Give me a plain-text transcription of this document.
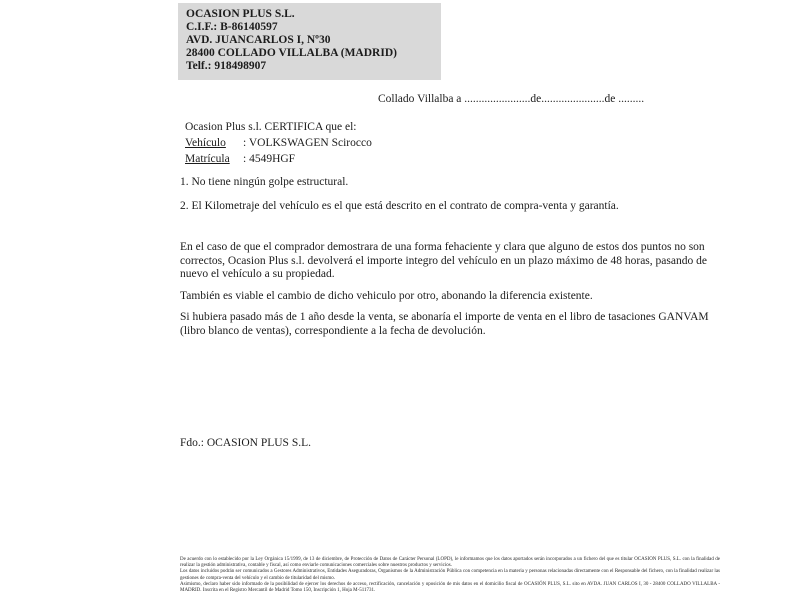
OCASION PLUS S.L.
C.I.F.: B-86140597
AVD. JUANCARLOS I, Nº30
28400 COLLADO VILLALBA (MADRID)
Telf.: 918498907
Collado Villalba a .......................de......................de .........
Ocasion Plus s.l. CERTIFICA que el:
Vehículo : VOLKSWAGEN Scirocco
Matrícula : 4549HGF
1. No tiene ningún golpe estructural.
2. El Kilometraje del vehículo es el que está descrito en el contrato de compra-venta y garantía.

En el caso de que el comprador demostrara de una forma fehaciente y clara que alguno de estos dos puntos no son correctos, Ocasion Plus s.l. devolverá el importe integro del vehículo en un plazo máximo de 48 horas, pasando de nuevo el vehículo a su propiedad.

También es viable el cambio de dicho vehiculo por otro, abonando la diferencia existente.

Si hubiera pasado más de 1 año desde la venta, se abonaría el importe de venta en el libro de tasaciones GANVAM (libro blanco de ventas), correspondiente a la fecha de devolución.

Fdo.: OCASION PLUS S.L.

De acuerdo con lo establecido por la Ley Orgánica 15/1999, de 13 de diciembre, de Protección de Datos de Carácter Personal (LOPD), le informamos que los datos aportados serán incorporados a un fichero del que es titular OCASION PLUS, S.L. con la finalidad de realizar la gestión administrativa, contable y fiscal, así como enviarle comunicaciones comerciales sobre nuestros productos y servicios.

Los datos incluidos podrán ser comunicados a Gestores Administrativos, Entidades Aseguradoras, Organismos de la Administración Pública con competencia en la materia y personas relacionadas directamente con el Responsable del fichero, con la finalidad realizar las gestiones de compra-venta del vehículo y el cambio de titularidad del mismo.

Asimismo, declaro haber sido informado de la posibilidad de ejercer los derechos de acceso, rectificación, cancelación y oposición de mis datos en el domicilio fiscal de OCASIÓN PLUS, S.L. sito en AVDA. JUAN CARLOS I, 30 - 28400 COLLADO VILLALBA - MADRID. Inscrita en el Registro Mercantil de Madrid Tomo 150, Inscripción 1, Hoja M-511731.
